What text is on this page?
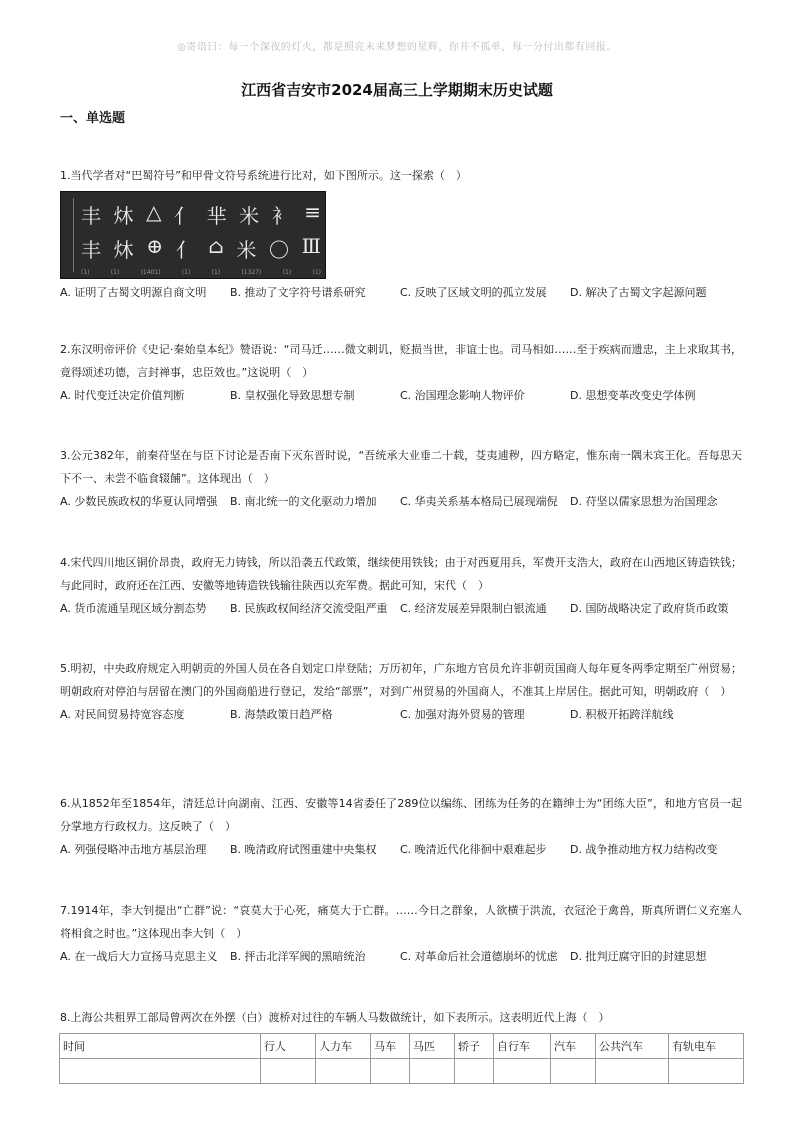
◎寄语曰：每一个深夜的灯火，都是照亮未来梦想的星辉，你并不孤单，每一分付出都有回报。
江西省吉安市2024届高三上学期期末历史试题
一、单选题

1.当代学者对“巴蜀符号”和甲骨文符号系统进行比对，如下图所示。这一探索（　）

丰 炑 △ 亻 芈 米 衤 ≡
丰 炑 ⊕ 亻 ⌂ 米 〇 Ⅲ
(1)	(1)	(1401)	(1)	(1)	(1327)	(1)	(1)
A. 证明了古蜀文明源自商文明	B. 推动了文字符号谱系研究	C. 反映了区域文明的孤立发展	D. 解决了古蜀文字起源问题

2.东汉明帝评价《史记·秦始皇本纪》赞语说：“司马迁……微文刺讥，贬损当世，非谊士也。司马相如……至于疾病而遗忠，主上求取其书，竟得颂述功德，言封禅事，忠臣效也。”这说明（　）

A. 时代变迁决定价值判断	B. 皇权强化导致思想专制	C. 治国理念影响人物评价	D. 思想变革改变史学体例

3.公元382年，前秦苻坚在与臣下讨论是否南下灭东晋时说，“吾统承大业垂二十载，芟夷逋秽，四方略定，惟东南一隅未宾王化。吾每思天下不一、未尝不临食辍餔”。这体现出（　）

A. 少数民族政权的华夏认同增强	B. 南北统一的文化驱动力增加	C. 华夷关系基本格局已展现端倪	D. 苻坚以儒家思想为治国理念

4.宋代四川地区铜价昂贵，政府无力铸钱，所以沿袭五代政策，继续使用铁钱；由于对西夏用兵，军费开支浩大，政府在山西地区铸造铁钱；与此同时，政府还在江西、安徽等地铸造铁钱输往陕西以充军费。据此可知，宋代（　）

A. 货币流通呈现区域分割态势	B. 民族政权间经济交流受阻严重	C. 经济发展差异限制白银流通	D. 国防战略决定了政府货币政策

5.明初，中央政府规定入明朝贡的外国人员在各自划定口岸登陆；万历初年，广东地方官员允许非朝贡国商人每年夏冬两季定期至广州贸易；明朝政府对停泊与居留在澳门的外国商船进行登记，发给“部票”，对到广州贸易的外国商人，不准其上岸居住。据此可知，明朝政府（　）

A. 对民间贸易持宽容态度	B. 海禁政策日趋严格	C. 加强对海外贸易的管理	D. 积极开拓跨洋航线

6.从1852年至1854年，清廷总计向湖南、江西、安徽等14省委任了289位以编练、团练为任务的在籍绅士为“团练大臣”，和地方官员一起分掌地方行政权力。这反映了（　）

A. 列强侵略冲击地方基层治理	B. 晚清政府试图重建中央集权	C. 晚清近代化徘徊中艰难起步	D. 战争推动地方权力结构改变

7.1914年，李大钊提出“亡群”说：“哀莫大于心死，痛莫大于亡群。……今日之群象，人欲横于洪流，衣冠沦于禽兽，斯真所谓仁义充塞人将相食之时也。”这体现出李大钊（　）

A. 在一战后大力宣扬马克思主义	B. 抨击北洋军阀的黑暗统治	C. 对革命后社会道德崩坏的忧虑	D. 批判迂腐守旧的封建思想

8.上海公共租界工部局曾两次在外摆（白）渡桥对过往的车辆人马数做统计，如下表所示。这表明近代上海（　）

时间	行人	人力车	马车	马匹	轿子	自行车	汽车	公共汽车	有轨电车
